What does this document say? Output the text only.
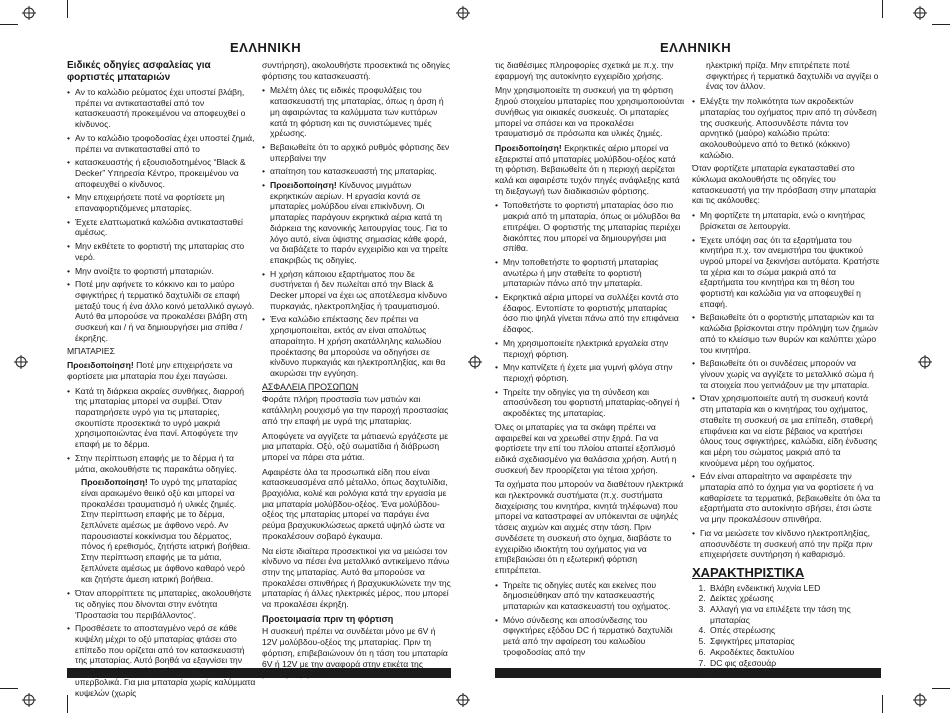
ΕΛΛΗΝΙΚΗ	ΕΛΛΗΝΙΚΗ
Ειδικές οδηγίες ασφαλείας για φορτιστές μπαταριών
• Αν το καλώδιο ρεύματος έχει υποστεί βλάβη, πρέπει να αντικατασταθεί από τον κατασκευαστή προκειμένου να αποφευχθεί ο κίνδυνος.
• Αν το καλώδιο τροφοδοσίας έχει υποστεί ζημιά, πρέπει να αντικατασταθεί από το
• κατασκευαστής ή εξουσιοδοτημένος “Black & Decker” Υπηρεσία Κέντρο, προκειμένου να αποφευχθεί ο κίνδυνος.
• Μην επιχειρήσετε ποτέ να φορτίσετε μη επαναφορτιζόμενες μπαταρίες.
• Έχετε ελαττωματικά καλώδια αντικατασταθεί αμέσως.
• Μην εκθέτετε το φορτιστή της μπαταρίας στο νερό.
• Μην ανοίξτε το φορτιστή μπαταριών.
• Ποτέ μην αφήνετε το κόκκινο και το μαύρο σφιγκτήρες ή τερματικό δαχτυλίδι σε επαφή μεταξύ τους ή ένα άλλο κοινό μεταλλικό αγωγό. Αυτό θα μπορούσε να προκαλέσει βλάβη στη συσκευή και / ή να δημιουργήσει μια σπίθα / έκρηξης.
ΜΠΑΤΑΡΙΕΣ

Προειδοποίηση! Ποτέ μην επιχειρήσετε να φορτίσετε μια μπαταρία που έχει παγώσει.

• Κατά τη διάρκεια ακραίες συνθήκες, διαρροή της μπαταρίας μπορεί να συμβεί. Όταν παρατηρήσετε υγρό για τις μπαταρίες, σκουπίστε προσεκτικά το υγρό μακριά χρησιμοποιώντας ένα πανί. Αποφύγετε την επαφή με το δέρμα.
• Στην περίπτωση επαφής με το δέρμα ή τα μάτια, ακολουθήστε τις παρακάτω οδηγίες.

Προειδοποίηση! Το υγρό της μπαταρίας είναι αραιωμένο θειικό οξύ και μπορεί να προκαλέσει τραυματισμό ή υλικές ζημιές. Στην περίπτωση επαφής με το δέρμα, ξεπλύνετε αμέσως με άφθονο νερό. Αν παρουσιαστεί κοκκίνισμα του δέρματος, πόνος ή ερεθισμός, ζητήστε ιατρική βοήθεια. Στην περίπτωση επαφής με τα μάτια, ξεπλύνετε αμέσως με άφθονο καθαρό νερό και ζητήστε άμεση ιατρική βοήθεια.

• Όταν απορρίπτετε τις μπαταρίες, ακολουθήστε τις οδηγίες που δίνονται στην ενότητα 'Προστασία του περιβάλλοντος'.
• Προσθέσετε το αποσταγμένο νερό σε κάθε κυψέλη μέχρι το οξύ μπαταρίας φτάσει στο επίπεδο που ορίζεται από τον κατασκευαστή της μπαταρίας. Αυτό βοηθά να εξαγνίσει την περίσσια αέρα από τα κύτταρα. Μη γεμίζετε υπερβολικά. Για μια μπαταρία χωρίς καλύμματα κυψελών (χωρίς

συντήρηση), ακολουθήστε προσεκτικά τις οδηγίες φόρτισης του κατασκευαστή.

• Μελέτη όλες τις ειδικές προφυλάξεις του κατασκευαστή της μπαταρίας, όπως η άρση ή μη αφαιρώντας τα καλύμματα των κυττάρων κατά τη φόρτιση και τις συνιστώμενες τιμές χρέωσης.
• Βεβαιωθείτε ότι το αρχικό ρυθμός φόρτισης δεν υπερβαίνει την
• απαίτηση του κατασκευαστή της μπαταρίας.
• Προειδοποίηση! Κίνδυνος μιγμάτων εκρηκτικών αερίων. Η εργασία κοντά σε μπαταρίες μολύβδου είναι επικίνδυνη. Οι μπαταρίες παράγουν εκρηκτικά αέρια κατά τη διάρκεια της κανονικής λειτουργίας τους. Για το λόγο αυτό, είναι ύψιστης σημασίας κάθε φορά, να διαβάζετε το παρόν εγχειρίδιο και να τηρείτε επακριβώς τις οδηγίες.
• Η χρήση κάποιου εξαρτήματος που δε συστήνεται ή δεν πωλείται από την Black & Decker μπορεί να έχει ως αποτέλεσμα κίνδυνο πυρκαγιάς, ηλεκτροπληξίας ή τραυματισμού.
• Ένα καλώδιο επέκτασης δεν πρέπει να χρησιμοποιείται, εκτός αν είναι απολύτως απαραίτητο. Η χρήση ακατάλληλης καλωδίου προέκτασης θα μπορούσε να οδηγήσει σε κίνδυνο πυρκαγιάς και ηλεκτροπληξίας, και θα ακυρώσει την εγγύηση.
ΑΣΦΑΛΕΙΑ ΠΡΟΣΩΠΩΝ

Φοράτε πλήρη προστασία των ματιών και κατάλληλη ρουχισμό για την παροχή προστασίας από την επαφή με υγρά της μπαταρίας.

Αποφύγετε να αγγίζετε τα μάτιαενώ εργάζεστε με μια μπαταρία. Οξύ, οξύ σωματίδια ή διάβρωση μπορεί να πάρει στα μάτια.

Αφαιρέστε όλα τα προσωπικά είδη που είναι κατασκευασμένα από μέταλλο, όπως δαχτυλίδια, βραχιόλια, κολιέ και ρολόγια κατά την εργασία με μια μπαταρία μολύβδου-οξέος. Ένα μολύβδου-οξέος της μπαταρίας μπορεί να παράγει ένα ρεύμα βραχυκυκλώσεως αρκετά υψηλό ώστε να προκαλέσουν σοβαρό έγκαυμα.

Να είστε ιδιαίτερα προσεκτικοί για να μειώσει τον κίνδυνο να πέσει ένα μεταλλικό αντικείμενο πάνω στην της μπαταρίας. Αυτό θα μπορούσε να προκαλέσει σπινθήρες ή βραχυκυκλώνετε την της μπαταρίας ή άλλες ηλεκτρικές μέρος, που μπορεί να προκαλέσει έκρηξη.

Προετοιμασία πριν τη φόρτιση

Η συσκευή πρέπει να συνδέεται μόνο με 6V ή 12V μολύβδου-οξέος της μπαταρίας. Πριν τη φόρτιση, επιβεβαιώνουν ότι η τάση του μπαταρία 6V ή 12V με την αναφορά στην ετικέτα της μπαταρίας ή από

τις διαθέσιμες πληροφορίες σχετικά με π.χ. την εφαρμογή της αυτοκίνητο εγχειρίδιο χρήσης.

Μην χρησιμοποιείτε τη συσκευή για τη φόρτιση ξηρού στοιχείου μπαταρίες που χρησιμοποιούνται συνήθως για οικιακές συσκευές. Οι μπαταρίες μπορεί να σπάσει και να προκαλέσει τραυματισμό σε πρόσωπα και υλικές ζημιές.

Προειδοποίηση! Εκρηκτικές αέριο μπορεί να εξαεριστεί από μπαταρίες μολύβδου-οξέος κατά τη φόρτιση. Βεβαιωθείτε ότι η περιοχή αερίζεται καλά και αφαιρέστε τυχόν πηγές ανάφλεξης κατά τη διεξαγωγή των διαδικασιών φόρτισης.

• Τοποθετήστε το φορτιστή μπαταρίας όσο πιο μακριά από τη μπαταρία, όπως οι μόλυβδοι θα επιτρέψει. Ο φορτιστής της μπαταρίας περιέχει διακόπτες που μπορεί να δημιουργήσει μια σπίθα.
• Μην τοποθετήστε το φορτιστή μπαταρίας ανωτέρω ή μην σταθείτε το φορτιστή μπαταριών πάνω από την μπαταρία.
• Εκρηκτικά αέρια μπορεί να συλλέξει κοντά στο έδαφος. Εντοπίστε το φορτιστής μπαταρίας όσο πιο ψηλά γίνεται πάνω από την επιφάνεια έδαφος.
• Μη χρησιμοποιείτε ηλεκτρικά εργαλεία στην περιοχή φόρτιση.
• Μην καπνίζετε ή έχετε μια γυμνή φλόγα στην περιοχή φόρτιση.
• Τηρείτε την οδηγίες για τη σύνδεση και αποσύνδεση του φορτιστή μπαταρίας-οδηγεί ή ακροδέκτες της μπαταρίας.

Όλες οι μπαταρίες για τα σκάφη πρέπει να αφαιρεθεί και να χρεωθεί στην ξηρά. Για να φορτίσετε την επί του πλοίου απαιτεί εξοπλισμό ειδικά σχεδιασμένο για θαλάσσια χρήση. Αυτή η συσκευή δεν προορίζεται για τέτοια χρήση.

Τα οχήματα που μπορούν να διαθέτουν ηλεκτρικά και ηλεκτρονικά συστήματα (π.χ. συστήματα διαχείρισης του κινητήρα, κινητά τηλέφωνα) που μπορεί να καταστραφεί αν υπόκεινται σε υψηλές τάσεις αιχμών και αιχμές στην τάση. Πριν συνδέσετε τη συσκευή στο όχημα, διαβάστε το εγχειρίδιο ιδιοκτήτη του οχήματος για να επιβεβαιώσει ότι η εξωτερική φόρτιση επιτρέπεται.

• Τηρείτε τις οδηγίες αυτές και εκείνες που δημοσιεύθηκαν από την κατασκευαστής μπαταριών και κατασκευαστή του οχήματος.
• Μόνο σύνδεσης και αποσύνδεσης του σφιγκτήρες εξόδου DC ή τερματικό δαχτυλίδι μετά από την αφαίρεση του καλωδίου τροφοδοσίας από την

ηλεκτρική πρίζα. Μην επιτρέπετε ποτέ σφιγκτήρες ή τερματικά δαχτυλίδι να αγγίξει ο ένας τον άλλον.

• Ελέγξτε την πολικότητα των ακροδεκτών μπαταρίας του οχήματος πριν από τη σύνδεση της συσκευής. Αποσυνδέστε πάντα τον αρνητικό (μαύρο) καλώδιο πρώτα: ακολουθούμενο από το θετικό (κόκκινο) καλώδιο.

Όταν φορτίζετε μπαταρία εγκατασταθεί στο κύκλωμα ακολουθήστε τις οδηγίες του κατασκευαστή για την πρόσβαση στην μπαταρία και τις ακόλουθες:

• Μη φορτίζετε τη μπαταρία, ενώ ο κινητήρας βρίσκεται σε λειτουργία.
• Έχετε υπόψη σας ότι τα εξαρτήματα του κινητήρα π.χ. τον ανεμιστήρα του ψυκτικού υγρού μπορεί να ξεκινήσει αυτόματα. Κρατήστε τα χέρια και το σώμα μακριά από τα εξαρτήματα του κινητήρα και τη θέση του φορτιστή και καλώδια για να αποφευχθεί η επαφή.
• Βεβαιωθείτε ότι ο φορτιστής μπαταριών και τα καλώδια βρίσκονται στην πρόληψη των ζημιών από το κλείσιμο των θυρών και καλύπτει χώρο του κινητήρα.
• Βεβαιωθείτε ότι οι συνδέσεις μπορούν να γίνουν χωρίς να αγγίζετε το μεταλλικό σώμα ή τα στοιχεία που γειτνιάζουν με την μπαταρία.
• Όταν χρησιμοποιείτε αυτή τη συσκευή κοντά στη μπαταρία και ο κινητήρας του οχήματος, σταθείτε τη συσκευή σε μια επίπεδη, σταθερή επιφάνεια και να είστε βέβαιος να κρατήσει όλους τους σφιγκτήρες, καλώδια, είδη ένδυσης και μέρη του σώματος μακριά από τα κινούμενα μέρη του οχήματος.
• Εάν είναι απαραίτητο να αφαιρέσετε την μπαταρία από το όχημα για να φορτίσετε ή να καθαρίσετε τα τερματικά, βεβαιωθείτε ότι όλα τα εξαρτήματα στο αυτοκίνητο σβήσει, έτσι ώστε να μην προκαλέσουν σπινθήρα.
• Για να μειώσετε τον κίνδυνο ηλεκτροπληξίας, αποσυνδέστε τη συσκευή από την πρίζα πριν επιχειρήσετε συντήρηση ή καθαρισμό.
ΧΑΡΑΚΤΗΡΙΣΤΙΚΑ
1. Βλάβη ενδεικτική λυχνία LED
2. Δείκτες χρέωσης
3. Αλλαγή για να επιλέξετε την τάση της μπαταρίας
4. Οπές στερέωσης
5. Σφιγκτήρες μπαταρίας
6. Ακροδέκτες δακτυλίου
7. DC φις αξεσουάρ
8. Υποδοχή Ευθυγράμμου
